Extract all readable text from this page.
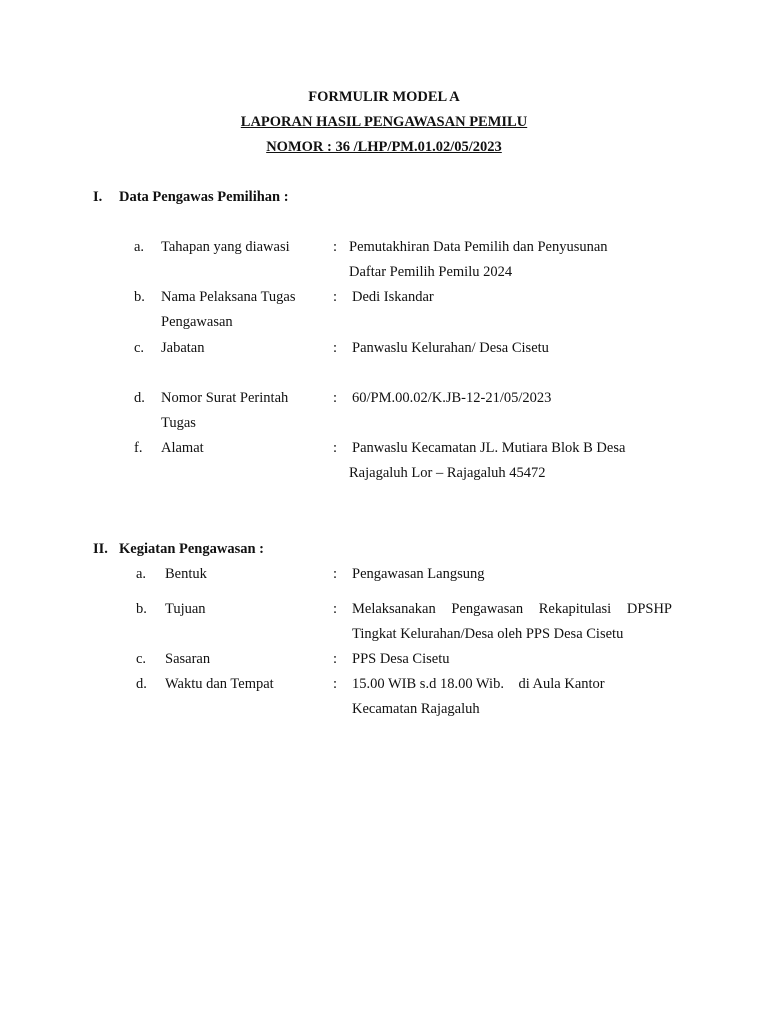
FORMULIR MODEL A
LAPORAN HASIL PENGAWASAN PEMILU
NOMOR : 36 /LHP/PM.01.02/05/2023
I. Data Pengawas Pemilihan :
a. Tahapan yang diawasi	: Pemutakhiran Data Pemilih dan Penyusunan
Daftar Pemilih Pemilu 2024
b. Nama Pelaksana Tugas
Pengawasan
: Dedi Iskandar
c. Jabatan	: Panwaslu Kelurahan/ Desa Cisetu
d. Nomor Surat Perintah
Tugas
: 60/PM.00.02/K.JB-12-21/05/2023
f. Alamat	: Panwaslu Kecamatan JL. Mutiara Blok B Desa
Rajagaluh Lor – Rajagaluh 45472
II. Kegiatan Pengawasan :
a. Bentuk	: Pengawasan Langsung
b. Tujuan	: Melaksanakan Pengawasan Rekapitulasi DPSHP
Tingkat Kelurahan/Desa oleh PPS Desa Cisetu
c. Sasaran	: PPS Desa Cisetu
d. Waktu dan Tempat	: 15.00 WIB s.d 18.00 Wib.    di Aula Kantor
Kecamatan Rajagaluh
